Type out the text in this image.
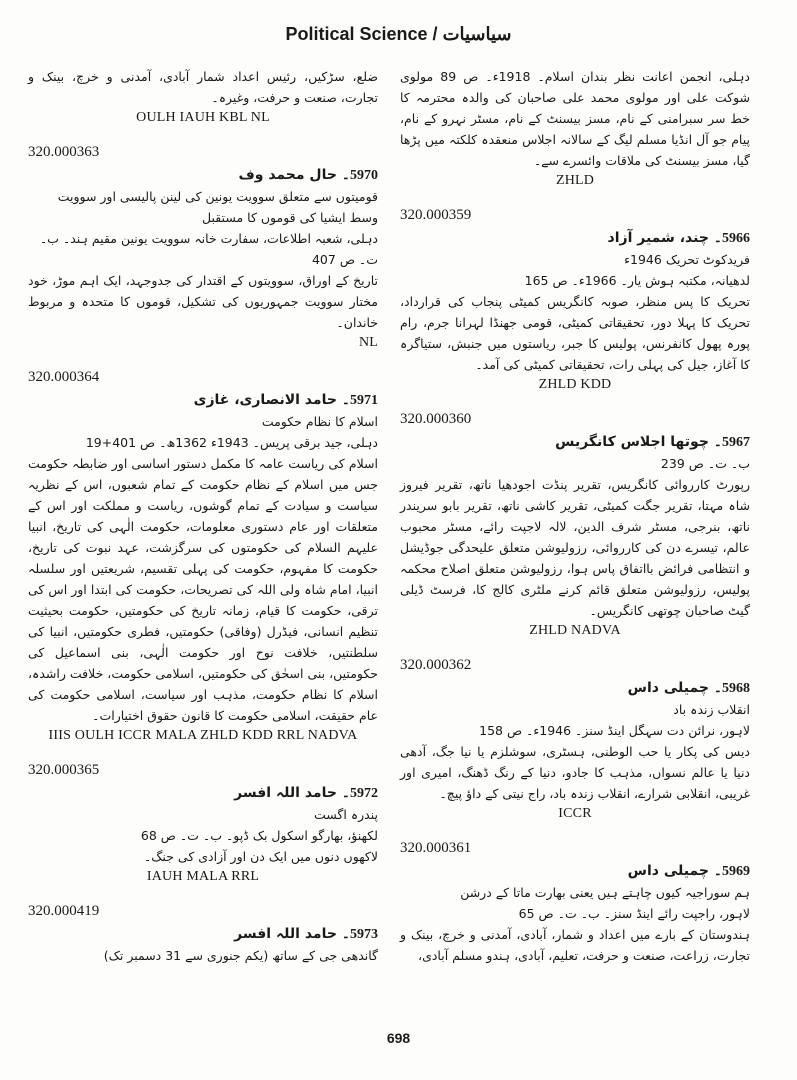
Political Science / سیاسیات

ضلع، سڑکیں، رئیس اعداد شمار آبادی، آمدنی و خرچ، بینک و تجارت، صنعت و حرفت، وغیرہ۔

OULH IAUH KBL NL

320.000363

5970۔ حال محمد وف

قومیتوں سے متعلق سوویت یونین کی لینن پالیسی اور سوویت وسط ایشیا کی قوموں کا مستقبل

دہلی، شعبہ اطلاعات، سفارت خانہ سوویت یونین مقیم ہند۔ ب۔ ت۔ ص 407

تاریخ کے اوراق، سوویتوں کے اقتدار کی جدوجہد، ایک اہم موڑ، خود مختار سوویت جمہوریوں کی تشکیل، قوموں کا متحدہ و مربوط خاندان۔

NL

320.000364

5971۔ حامد الانصاری، غازی

اسلام کا نظام حکومت

دہلی، جید برقی پریس۔ 1943ء 1362ھ۔ ص 401+19

اسلام کی ریاست عامہ کا مکمل دستور اساسی اور ضابطہ حکومت جس میں اسلام کے نظام حکومت کے تمام شعبوں، اس کے نظریہ سیاست و سیادت کے تمام گوشوں، ریاست و مملکت اور اس کے متعلقات اور عام دستوری معلومات، حکومت الٰہی کی تاریخ، انبیا علیہم السلام کی حکومتوں کی سرگزشت، عہد نبوت کی تاریخ، حکومت کا مفہوم، حکومت کی پہلی تقسیم، شریعتیں اور سلسلہ انبیا، امام شاہ ولی اللہ کی تصریحات، حکومت کی ابتدا اور اس کی ترقی، حکومت کا قیام، زمانہ تاریخ کی حکومتیں، حکومت بحیثیت تنظیم انسانی، فیڈرل (وفاقی) حکومتیں، فطری حکومتیں، انبیا کی سلطنتیں، خلافت نوح اور حکومت الٰہی، بنی اسماعیل کی حکومتیں، بنی اسحٰق کی حکومتیں، اسلامی حکومت، خلافت راشدہ، اسلام کا نظام حکومت، مذہب اور سیاست، اسلامی حکومت کی عام حقیقت، اسلامی حکومت کا قانون حقوق اختیارات۔

IIIS OULH ICCR MALA ZHLD KDD RRL NADVA

320.000365

5972۔ حامد اللہ افسر

پندرہ اگست

لکھنؤ، بھارگو اسکول بک ڈپو۔ ب۔ ت۔ ص 68

لاکھوں دنوں میں ایک دن اور آزادی کی جنگ۔

IAUH MALA RRL

320.000419

5973۔ حامد اللہ افسر

گاندھی جی کے ساتھ (یکم جنوری سے 31 دسمبر تک)

دہلی، انجمن اعانت نظر بندان اسلام۔ 1918ء۔ ص 89 مولوی شوکت علی اور مولوی محمد علی صاحبان کی والدہ محترمہ کا خط سر سبرامنی کے نام، مسز بیسنٹ کے نام، مسٹر نہرو کے نام، پیام جو آل انڈیا مسلم لیگ کے سالانہ اجلاس منعقدہ کلکتہ میں پڑھا گیا، مسز بیسنٹ کی ملاقات وائسرے سے۔

ZHLD

320.000359

5966۔ چند، شمیر آزاد

فریدکوٹ تحریک 1946ء

لدھیانہ، مکتبہ ہوش یار۔ 1966ء۔ ص 165

تحریک کا پس منظر، صوبہ کانگریس کمیٹی پنجاب کی قرارداد، تحریک کا پہلا دور، تحقیقاتی کمیٹی، قومی جھنڈا لہرانا جرم، رام پورہ پھول کانفرنس، پولیس کا جبر، ریاستوں میں جنبش، ستیاگرہ کا آغاز، جیل کی پہلی رات، تحقیقاتی کمیٹی کی آمد۔

ZHLD KDD

320.000360

5967۔ چوتھا اجلاس کانگریس

ب۔ ت۔ ص 239

رپورٹ کارروائی کانگریس، تقریر پنڈت اجودھیا ناتھ، تقریر فیروز شاہ مہتا، تقریر جگت کمیٹی، تقریر کاشی ناتھ، تقریر بابو سریندر ناتھ، بنرجی، مسٹر شرف الدین، لالہ لاجپت رائے، مسٹر محبوب عالم، تیسرے دن کی کارروائی، رزولیوشن متعلق علیحدگی جوڈیشل و انتظامی فرائض بااتفاق پاس ہوا، رزولیوشن متعلق اصلاح محکمہ پولیس، رزولیوشن متعلق قائم کرنے ملٹری کالج کا، فرسٹ ڈیلی گیٹ صاحبان چوتھی کانگریس۔

ZHLD NADVA

320.000362

5968۔ چمیلی داس

انقلاب زندہ باد

لاہور، نرائن دت سہگل اینڈ سنز۔ 1946ء۔ ص 158

دیس کی پکار یا حب الوطنی، ہسٹری، سوشلزم یا نیا جگ، آدھی دنیا یا عالم نسواں، مذہب کا جادو، دنیا کے رنگ ڈھنگ، امیری اور غریبی، انقلابی شرارے، انقلاب زندہ باد، راج نیتی کے داؤ پیچ۔

ICCR

320.000361

5969۔ چمیلی داس

ہم سوراجیہ کیوں چاہتے ہیں یعنی بھارت ماتا کے درشن

لاہور، راجپت رائے اینڈ سنز۔ ب۔ ت۔ ص 65

ہندوستان کے بارے میں اعداد و شمار، آبادی، آمدنی و خرچ، بینک و تجارت، زراعت، صنعت و حرفت، تعلیم، آبادی، ہندو مسلم آبادی،

698
